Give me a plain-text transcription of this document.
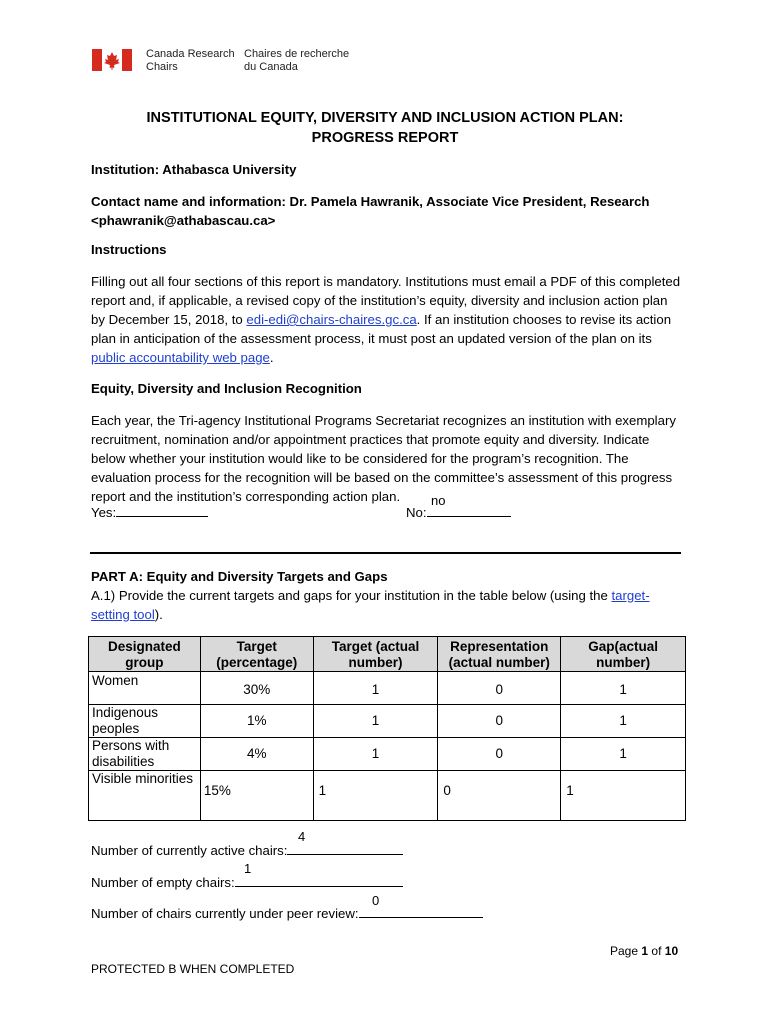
Canada Research
Chairs
Chaires de recherche
du Canada
INSTITUTIONAL EQUITY, DIVERSITY AND INCLUSION ACTION PLAN:
PROGRESS REPORT
Institution: Athabasca University
Contact name and information: Dr. Pamela Hawranik, Associate Vice President, Research <phawranik@athabascau.ca>
Instructions
Filling out all four sections of this report is mandatory. Institutions must email a PDF of this completed report and, if applicable, a revised copy of the institution’s equity, diversity and inclusion action plan by December 15, 2018, to edi-edi@chairs-chaires.gc.ca. If an institution chooses to revise its action plan in anticipation of the assessment process, it must post an updated version of the plan on its public accountability web page.
Equity, Diversity and Inclusion Recognition
Each year, the Tri-agency Institutional Programs Secretariat recognizes an institution with exemplary recruitment, nomination and/or appointment practices that promote equity and diversity. Indicate below whether your institution would like to be considered for the program’s recognition. The evaluation process for the recognition will be based on the committee’s assessment of this progress report and the institution’s corresponding action plan.
Yes:	No:
no
PART A: Equity and Diversity Targets and Gaps
A.1) Provide the current targets and gaps for your institution in the table below (using the target-setting tool).
Designated group	Target (percentage)	Target (actual number)	Representation (actual number)	Gap(actual number)
Women	30%	1	0	1
Indigenous peoples	1%	1	0	1
Persons with disabilities	4%	1	0	1
Visible minorities	15%	1	0	1
Number of currently active chairs:
4
Number of empty chairs:
1
Number of chairs currently under peer review:
0
Page 1 of 10
PROTECTED B WHEN COMPLETED
